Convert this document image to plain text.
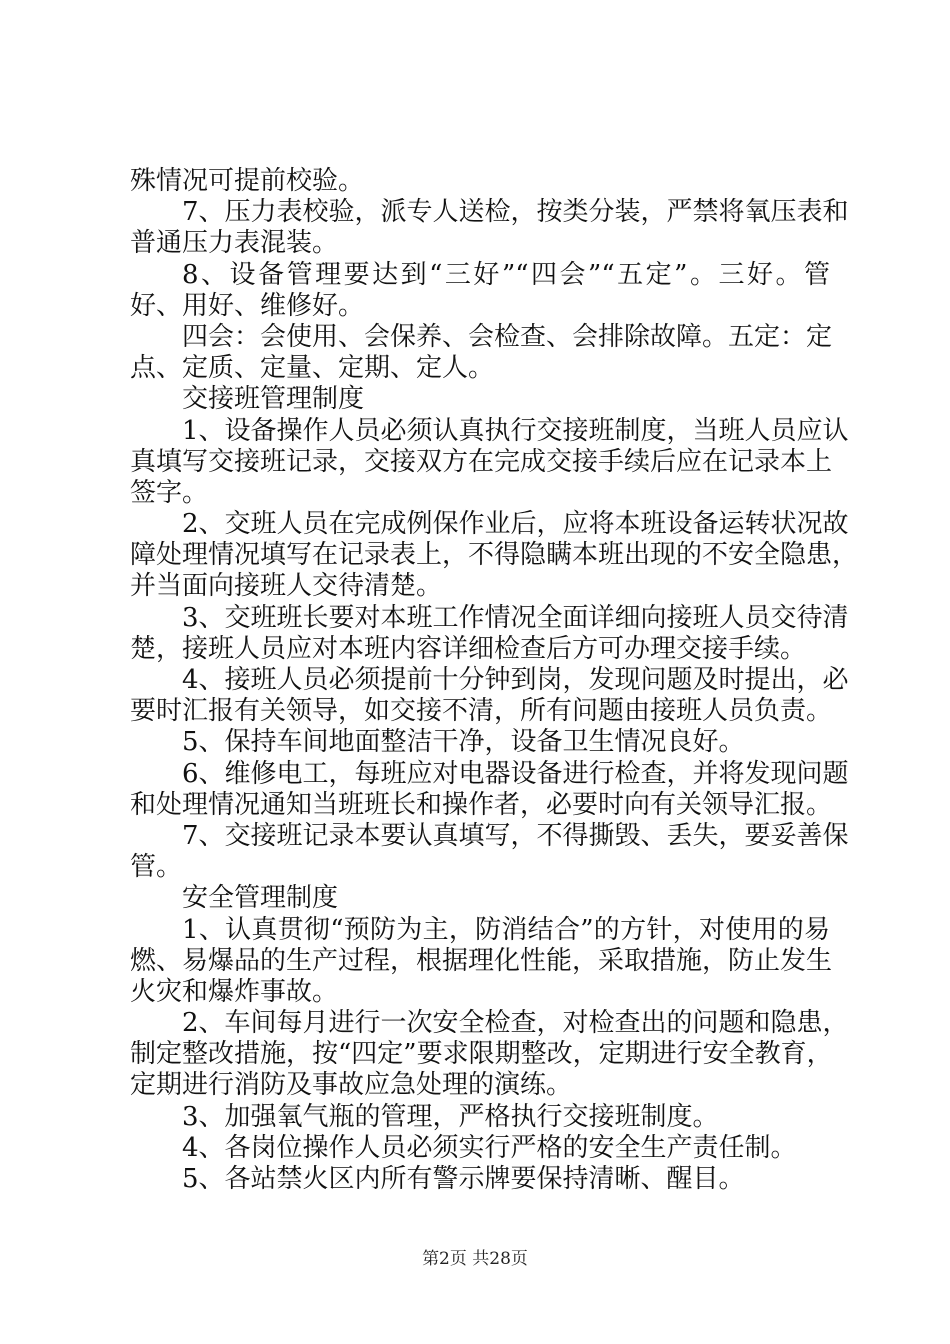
殊情况可提前校验。
7、压力表校验，派专人送检，按类分装，严禁将氧压表和
普通压力表混装。
8、设备管理要达到“三好”“四会”“五定”。三好。管
好、用好、维修好。
四会：会使用、会保养、会检查、会排除故障。五定：定
点、定质、定量、定期、定人。
交接班管理制度
1、设备操作人员必须认真执行交接班制度，当班人员应认
真填写交接班记录，交接双方在完成交接手续后应在记录本上
签字。
2、交班人员在完成例保作业后，应将本班设备运转状况故
障处理情况填写在记录表上，不得隐瞒本班出现的不安全隐患，
并当面向接班人交待清楚。
3、交班班长要对本班工作情况全面详细向接班人员交待清
楚，接班人员应对本班内容详细检查后方可办理交接手续。
4、接班人员必须提前十分钟到岗，发现问题及时提出，必
要时汇报有关领导，如交接不清，所有问题由接班人员负责。
5、保持车间地面整洁干净，设备卫生情况良好。
6、维修电工，每班应对电器设备进行检查，并将发现问题
和处理情况通知当班班长和操作者，必要时向有关领导汇报。
7、交接班记录本要认真填写，不得撕毁、丢失，要妥善保
管。
安全管理制度
1、认真贯彻“预防为主，防消结合”的方针，对使用的易
燃、易爆品的生产过程，根据理化性能，采取措施，防止发生
火灾和爆炸事故。
2、车间每月进行一次安全检查，对检查出的问题和隐患，
制定整改措施，按“四定”要求限期整改，定期进行安全教育，
定期进行消防及事故应急处理的演练。
3、加强氧气瓶的管理，严格执行交接班制度。
4、各岗位操作人员必须实行严格的安全生产责任制。
5、各站禁火区内所有警示牌要保持清晰、醒目。
第2页 共28页
